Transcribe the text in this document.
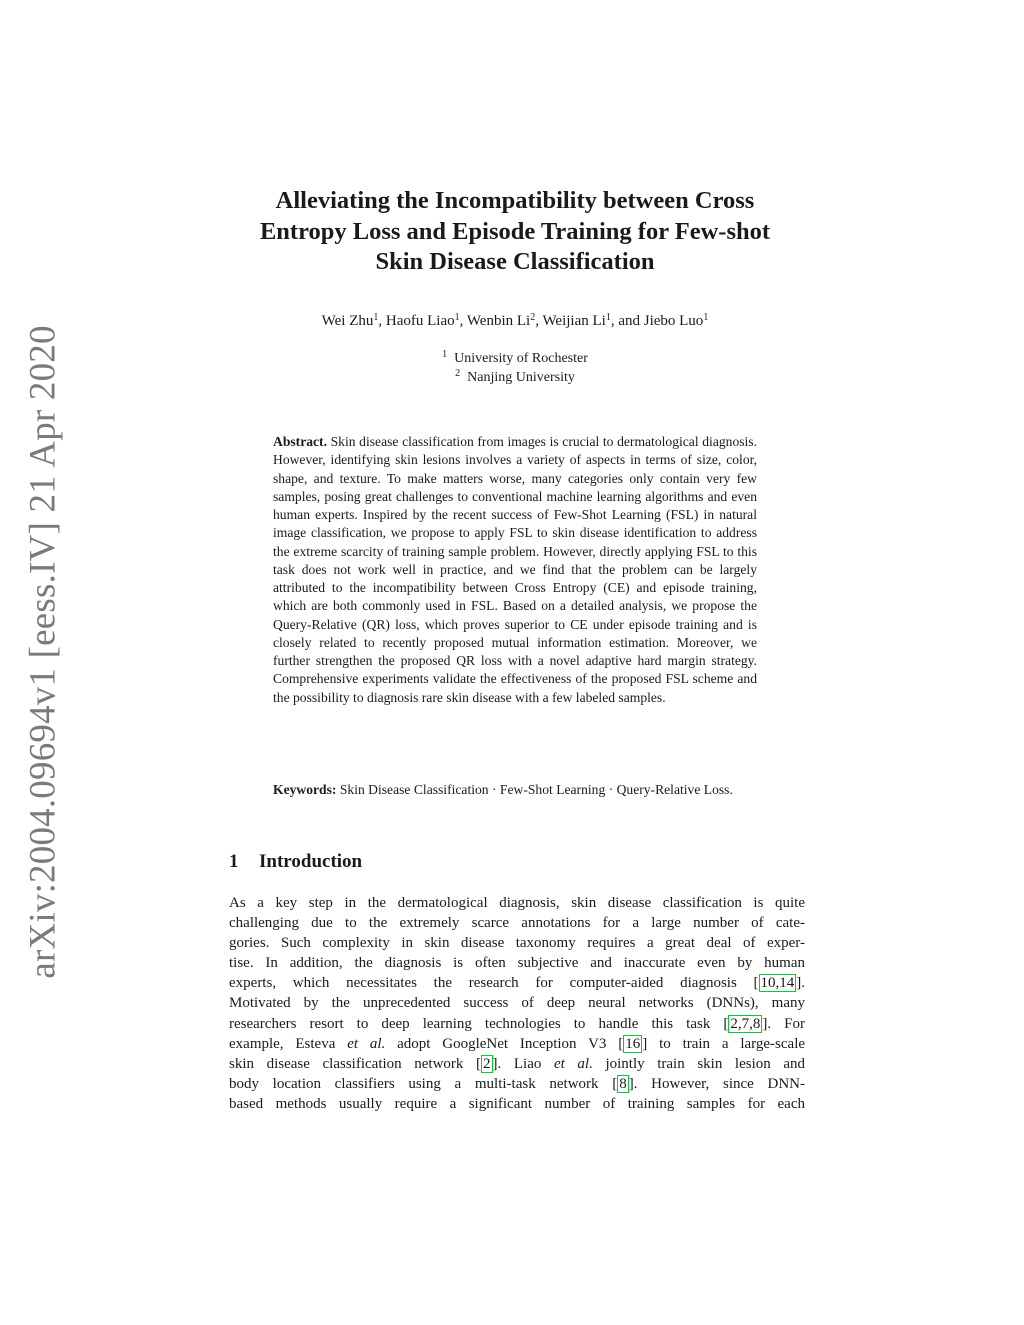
arXiv:2004.09694v1 [eess.IV] 21 Apr 2020
Alleviating the Incompatibility between Cross
Entropy Loss and Episode Training for Few-shot
Skin Disease Classification
Wei Zhu$^1$, Haofu Liao$^1$, Wenbin Li$^2$, Weijian Li$^1$, and Jiebo Luo$^1$
$^1$ University of Rochester
$^2$ Nanjing University

Abstract. Skin disease classification from images is crucial to dermatological diagnosis. However, identifying skin lesions involves a variety of aspects in terms of size, color, shape, and texture. To make matters worse, many categories only contain very few samples, posing great challenges to conventional machine learning algorithms and even human experts. Inspired by the recent success of Few-Shot Learning (FSL) in natural image classification, we propose to apply FSL to skin disease identification to address the extreme scarcity of training sample problem. However, directly applying FSL to this task does not work well in practice, and we find that the problem can be largely attributed to the incompatibility between Cross Entropy (CE) and episode training, which are both commonly used in FSL. Based on a detailed analysis, we propose the Query-Relative (QR) loss, which proves superior to CE under episode training and is closely related to recently proposed mutual information estimation. Moreover, we further strengthen the proposed QR loss with a novel adaptive hard margin strategy. Comprehensive experiments validate the effectiveness of the proposed FSL scheme and the possibility to diagnosis rare skin disease with a few labeled samples.

Keywords: Skin Disease Classification · Few-Shot Learning · Query-Relative Loss.

1 Introduction
As a key step in the dermatological diagnosis, skin disease classification is quite
challenging due to the extremely scarce annotations for a large number of cate-
gories. Such complexity in skin disease taxonomy requires a great deal of exper-
tise. In addition, the diagnosis is often subjective and inaccurate even by human
experts, which necessitates the research for computer-aided diagnosis [ 10,14 ].
Motivated by the unprecedented success of deep neural networks (DNNs), many
researchers resort to deep learning technologies to handle this task [ 2,7,8 ]. For
example, Esteva et al. adopt GoogleNet Inception V3 [ 16 ] to train a large-scale
skin disease classification network [ 2 ]. Liao et al. jointly train skin lesion and
body location classifiers using a multi-task network [ 8 ]. However, since DNN-
based methods usually require a significant number of training samples for each
